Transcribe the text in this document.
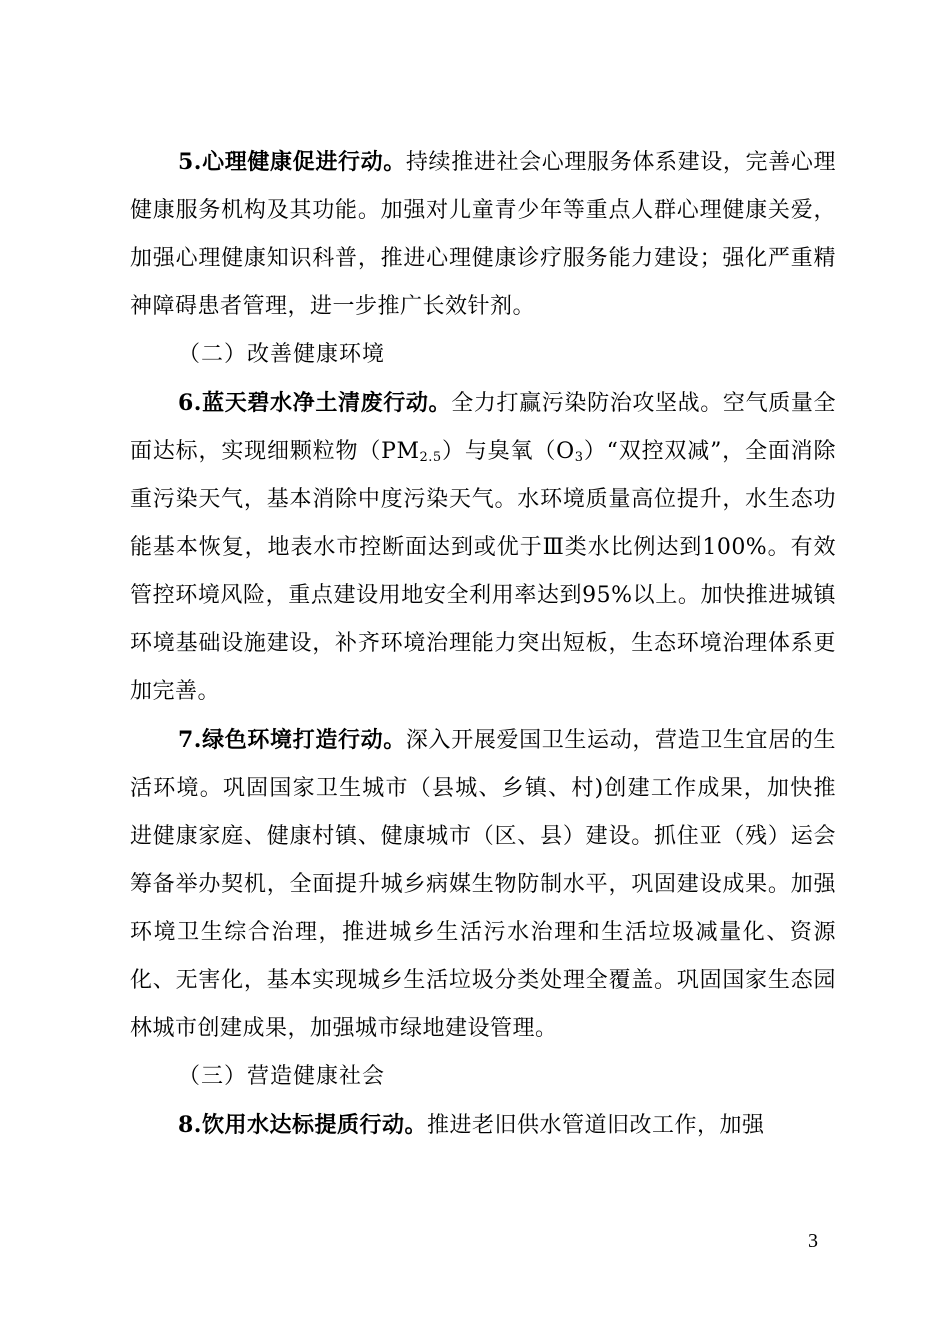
5.心理健康促进行动。持续推进社会心理服务体系建设，完善心理健康服务机构及其功能。加强对儿童青少年等重点人群心理健康关爱，加强心理健康知识科普，推进心理健康诊疗服务能力建设；强化严重精神障碍患者管理，进一步推广长效针剂。

（二）改善健康环境

6.蓝天碧水净土清废行动。全力打赢污染防治攻坚战。空气质量全面达标，实现细颗粒物$(PM_{2.5})$与臭氧$(O_3)“$双控双减”，全面消除重污染天气，基本消除中度污染天气。水环境质量高位提升，水生态功能基本恢复，地表水市控断面达到或优于Ⅲ类水比例达到100%。有效管控环境风险，重点建设用地安全利用率达到95%以上。加快推进城镇环境基础设施建设，补齐环境治理能力突出短板，生态环境治理体系更加完善。

7.绿色环境打造行动。深入开展爱国卫生运动，营造卫生宜居的生活环境。巩固国家卫生城市（县城、乡镇、村)创建工作成果，加快推进健康家庭、健康村镇、健康城市（区、县）建设。抓住亚（残）运会筹备举办契机，全面提升城乡病媒生物防制水平，巩固建设成果。加强环境卫生综合治理，推进城乡生活污水治理和生活垃圾减量化、资源化、无害化，基本实现城乡生活垃圾分类处理全覆盖。巩固国家生态园林城市创建成果，加强城市绿地建设管理。

（三）营造健康社会

8.饮用水达标提质行动。推进老旧供水管道旧改工作，加强

3
